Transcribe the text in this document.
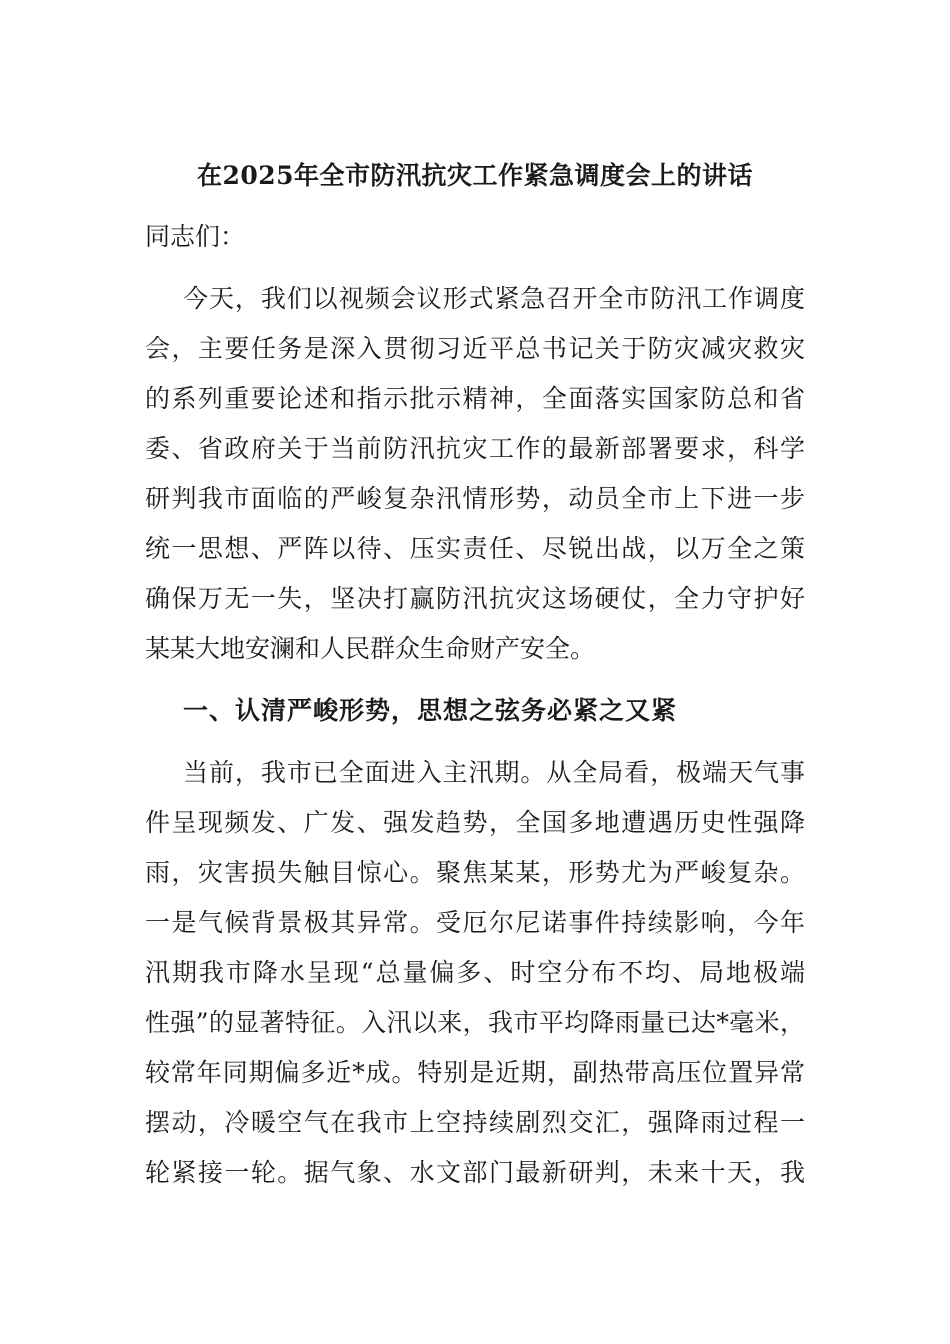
在2025年全市防汛抗灾工作紧急调度会上的讲话
同志们：
今天，我们以视频会议形式紧急召开全市防汛工作调度
会，主要任务是深入贯彻习近平总书记关于防灾减灾救灾
的系列重要论述和指示批示精神，全面落实国家防总和省
委、省政府关于当前防汛抗灾工作的最新部署要求，科学
研判我市面临的严峻复杂汛情形势，动员全市上下进一步
统一思想、严阵以待、压实责任、尽锐出战，以万全之策
确保万无一失，坚决打赢防汛抗灾这场硬仗，全力守护好
某某大地安澜和人民群众生命财产安全。
一、认清严峻形势，思想之弦务必紧之又紧
当前，我市已全面进入主汛期。从全局看，极端天气事
件呈现频发、广发、强发趋势，全国多地遭遇历史性强降
雨，灾害损失触目惊心。聚焦某某，形势尤为严峻复杂。
一是气候背景极其异常。受厄尔尼诺事件持续影响，今年
汛期我市降水呈现“总量偏多、时空分布不均、局地极端
性强”的显著特征。入汛以来，我市平均降雨量已达*毫米，
较常年同期偏多近*成。特别是近期，副热带高压位置异常
摆动，冷暖空气在我市上空持续剧烈交汇，强降雨过程一
轮紧接一轮。据气象、水文部门最新研判，未来十天，我
